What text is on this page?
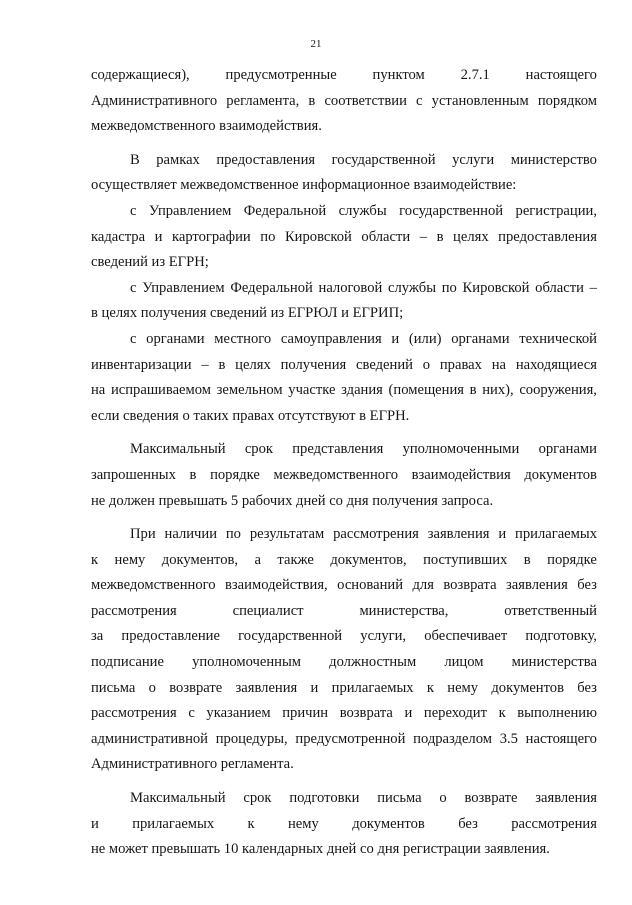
21
содержащиеся), предусмотренные пунктом 2.7.1 настоящего
Административного регламента, в соответствии с установленным порядком
межведомственного взаимодействия.
В рамках предоставления государственной услуги министерство
осуществляет межведомственное информационное взаимодействие:
с Управлением Федеральной службы государственной регистрации,
кадастра и картографии по Кировской области – в целях предоставления
сведений из ЕГРН;
с Управлением Федеральной налоговой службы по Кировской области –
в целях получения сведений из ЕГРЮЛ и ЕГРИП;
с органами местного самоуправления и (или) органами технической
инвентаризации – в целях получения сведений о правах на находящиеся
на испрашиваемом земельном участке здания (помещения в них), сооружения,
если сведения о таких правах отсутствуют в ЕГРН.
Максимальный срок представления уполномоченными органами
запрошенных в порядке межведомственного взаимодействия документов
не должен превышать 5 рабочих дней со дня получения запроса.
При наличии по результатам рассмотрения заявления и прилагаемых
к нему документов, а также документов, поступивших в порядке
межведомственного взаимодействия, оснований для возврата заявления без
рассмотрения	специалист	министерства,	ответственный
за предоставление государственной услуги, обеспечивает подготовку,
подписание уполномоченным должностным лицом министерства
письма о возврате заявления и прилагаемых к нему документов без
рассмотрения с указанием причин возврата и переходит к выполнению
административной процедуры, предусмотренной подразделом 3.5 настоящего
Административного регламента.
Максимальный срок подготовки письма о возврате заявления
и прилагаемых к нему документов без рассмотрения
не может превышать 10 календарных дней со дня регистрации заявления.
